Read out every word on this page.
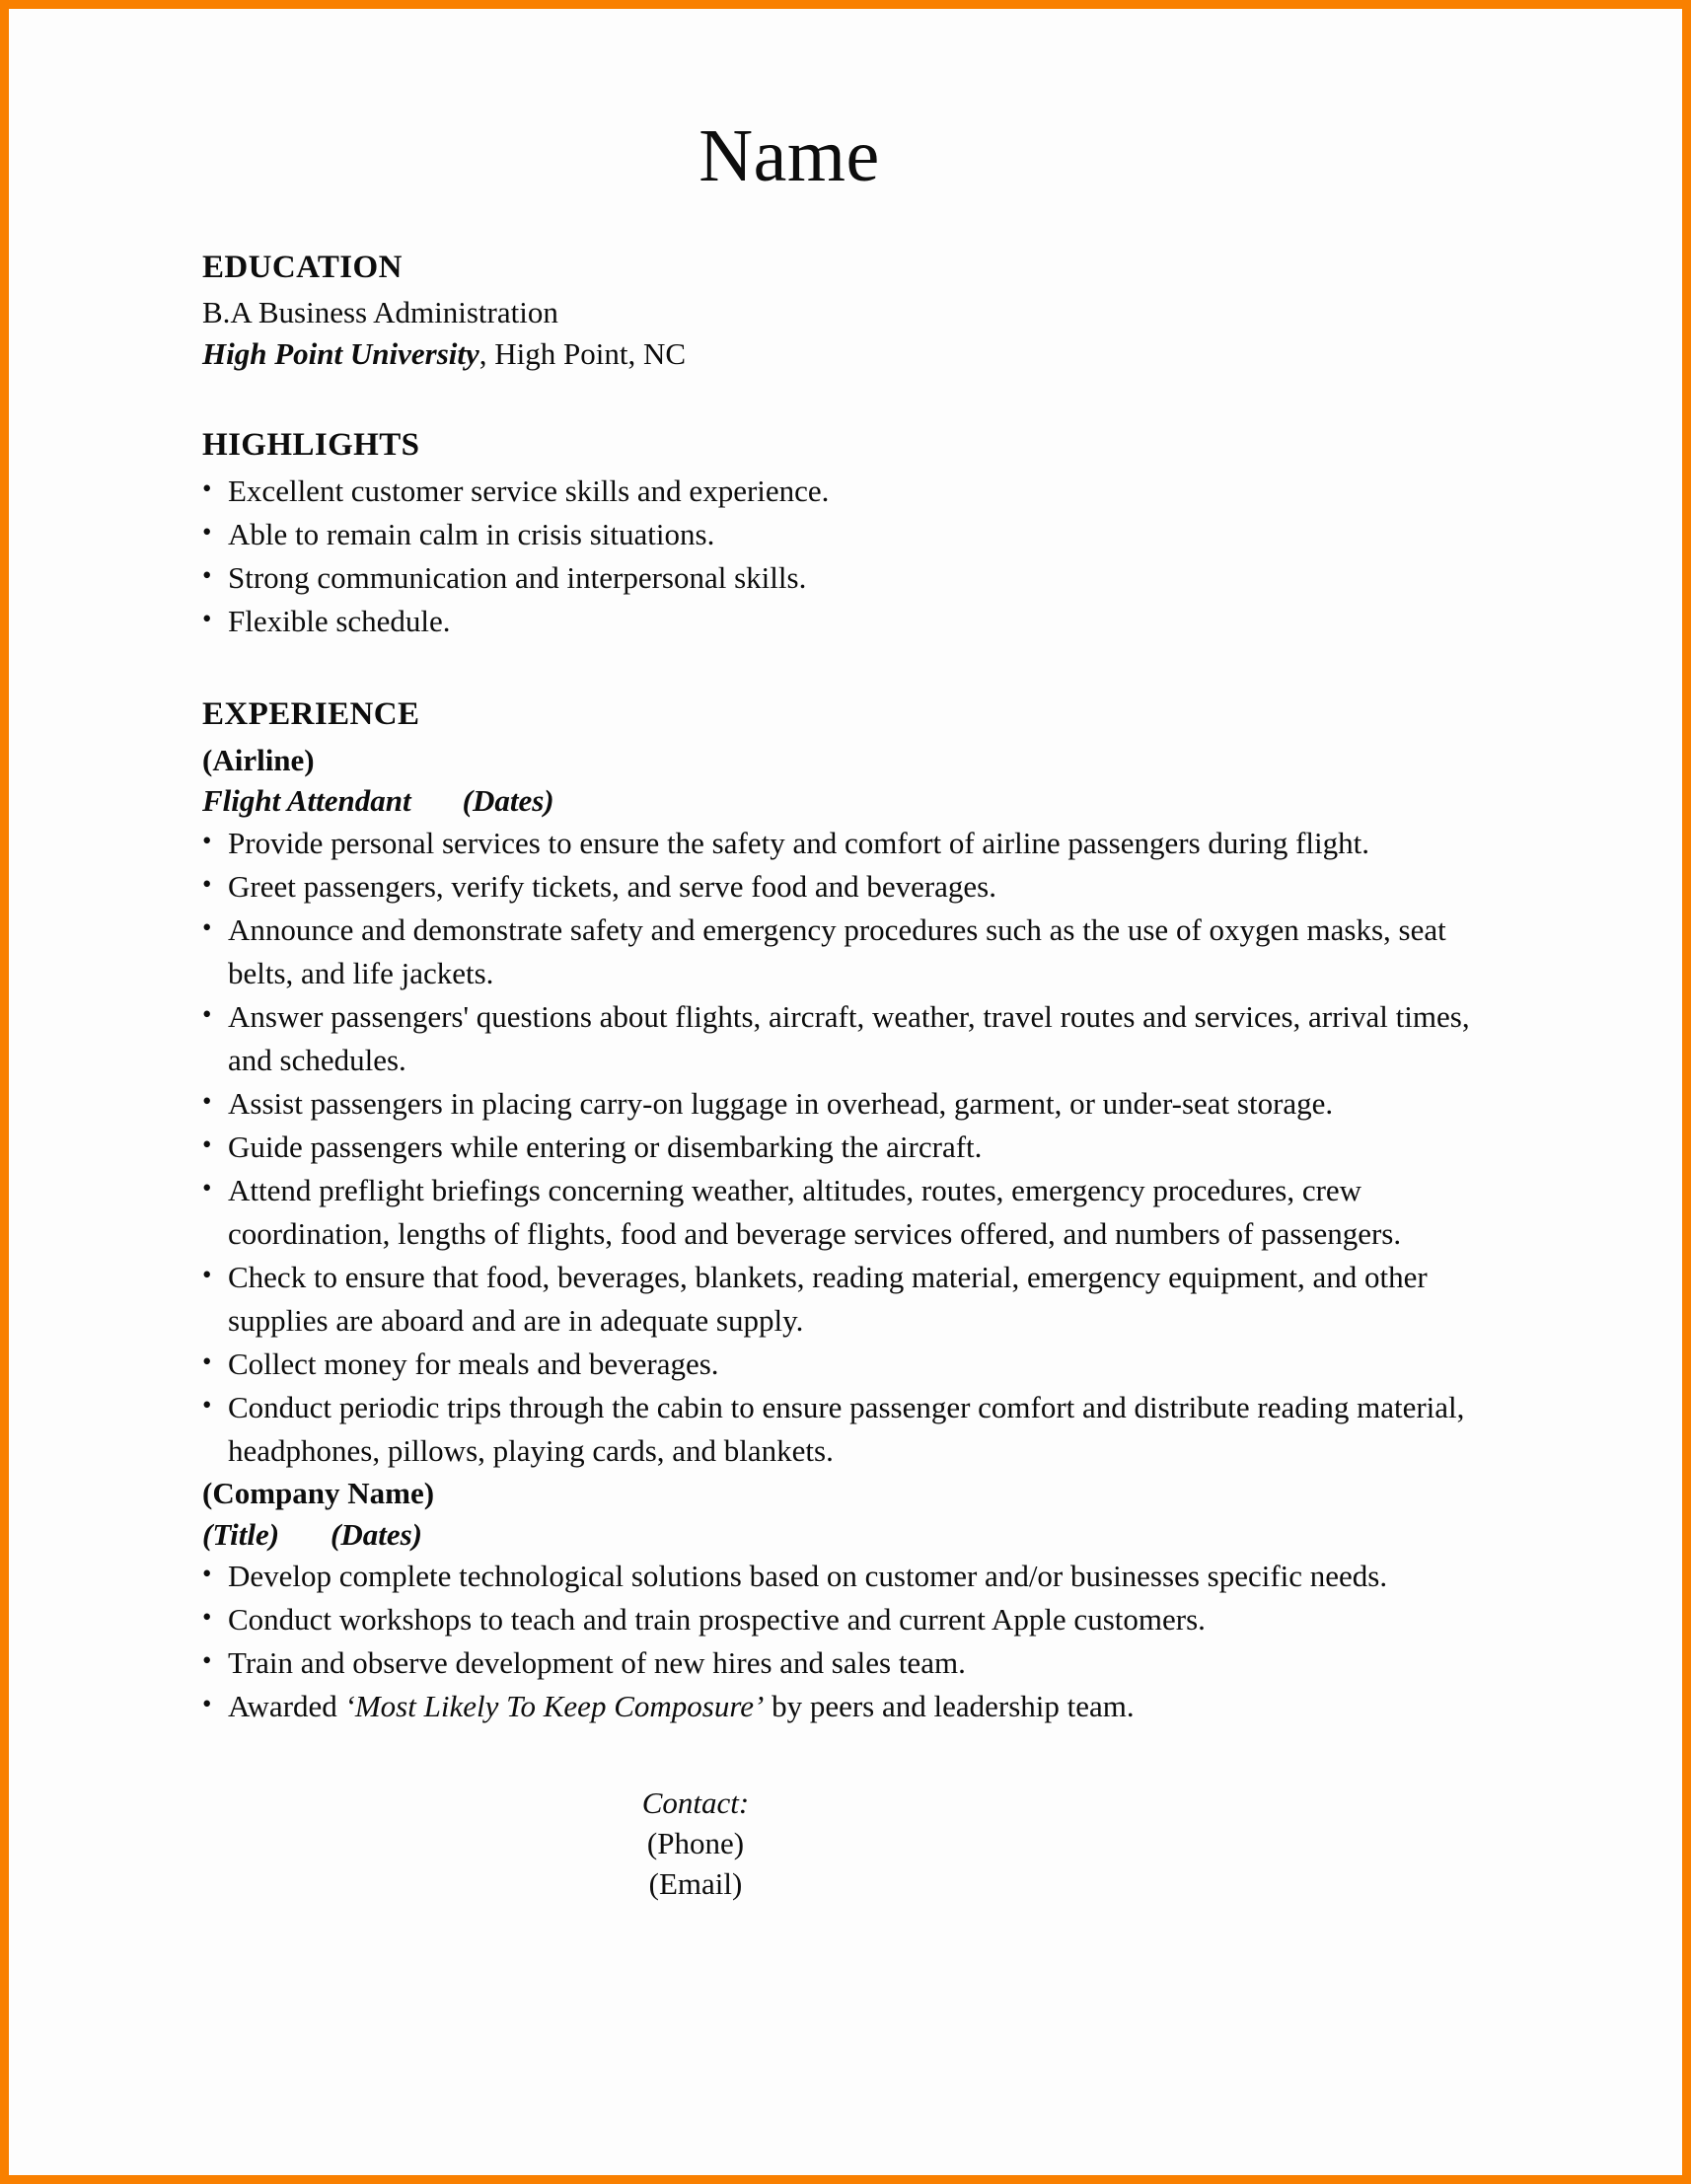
Name
EDUCATION

B.A Business Administration

High Point University, High Point, NC

HIGHLIGHTS
• Excellent customer service skills and experience.
• Able to remain calm in crisis situations.
• Strong communication and interpersonal skills.
• Flexible schedule.
EXPERIENCE

(Airline)

Flight Attendant (Dates)

• Provide personal services to ensure the safety and comfort of airline passengers during flight.
• Greet passengers, verify tickets, and serve food and beverages.
• Announce and demonstrate safety and emergency procedures such as the use of oxygen masks, seat belts, and life jackets.
• Answer passengers' questions about flights, aircraft, weather, travel routes and services, arrival times, and schedules.
• Assist passengers in placing carry-on luggage in overhead, garment, or under-seat storage.
• Guide passengers while entering or disembarking the aircraft.
• Attend preflight briefings concerning weather, altitudes, routes, emergency procedures, crew coordination, lengths of flights, food and beverage services offered, and numbers of passengers.
• Check to ensure that food, beverages, blankets, reading material, emergency equipment, and other supplies are aboard and are in adequate supply.
• Collect money for meals and beverages.
• Conduct periodic trips through the cabin to ensure passenger comfort and distribute reading material, headphones, pillows, playing cards, and blankets.

(Company Name)

(Title) (Dates)

• Develop complete technological solutions based on customer and/or businesses specific needs.
• Conduct workshops to teach and train prospective and current Apple customers.
• Train and observe development of new hires and sales team.
• Awarded ‘Most Likely To Keep Composure’ by peers and leadership team.
Contact:
(Phone)
(Email)
